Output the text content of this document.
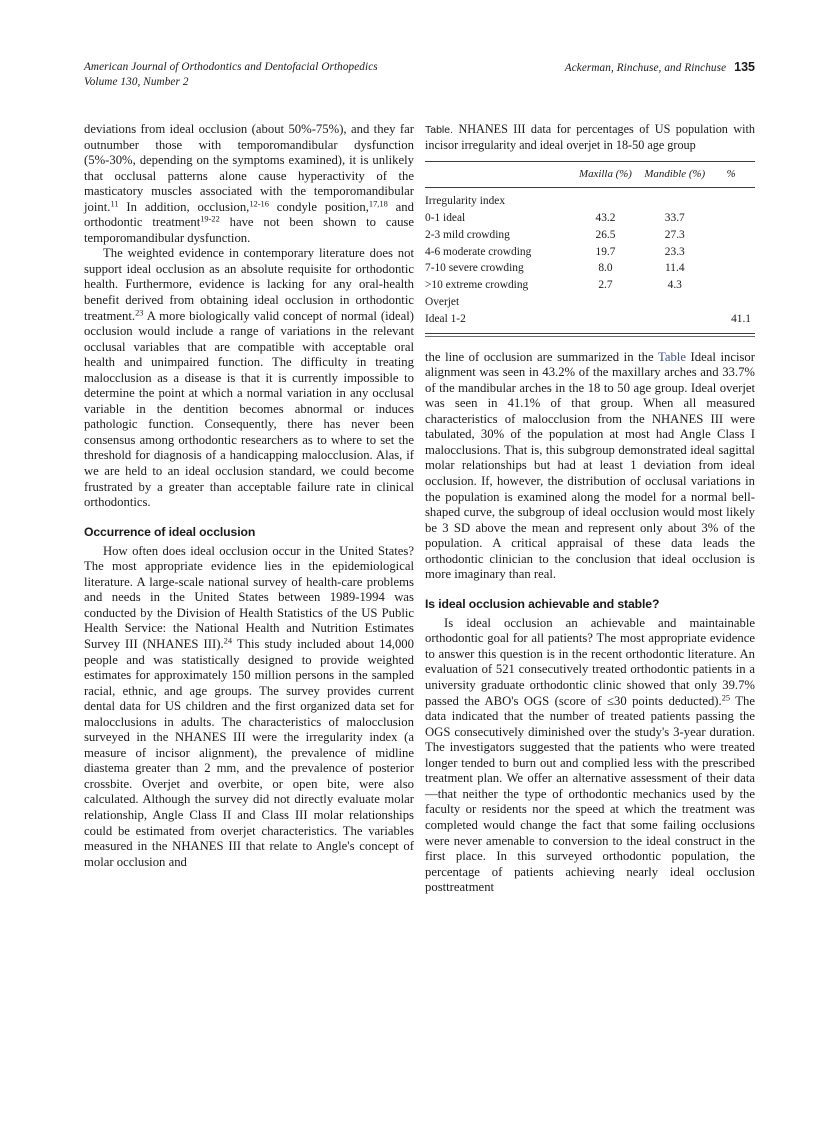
American Journal of Orthodontics and Dentofacial Orthopedics
Volume 130, Number 2
Ackerman, Rinchuse, and Rinchuse 135

deviations from ideal occlusion (about 50%-75%), and they far outnumber those with temporomandibular dysfunction (5%-30%, depending on the symptoms examined), it is unlikely that occlusal patterns alone cause hyperactivity of the masticatory muscles associated with the temporomandibular joint.$^{11}$ In addition, occlusion,$^{12-16}$ condyle position,$^{17,18}$ and orthodontic treatment$^{19-22}$ have not been shown to cause temporomandibular dysfunction.

The weighted evidence in contemporary literature does not support ideal occlusion as an absolute requisite for orthodontic health. Furthermore, evidence is lacking for any oral-health benefit derived from obtaining ideal occlusion in orthodontic treatment.$^{23}$ A more biologically valid concept of normal (ideal) occlusion would include a range of variations in the relevant occlusal variables that are compatible with acceptable oral health and unimpaired function. The difficulty in treating malocclusion as a disease is that it is currently impossible to determine the point at which a normal variation in any occlusal variable in the dentition becomes abnormal or induces pathologic function. Consequently, there has never been consensus among orthodontic researchers as to where to set the threshold for diagnosis of a handicapping malocclusion. Alas, if we are held to an ideal occlusion standard, we could become frustrated by a greater than acceptable failure rate in clinical orthodontics.

Occurrence of ideal occlusion

How often does ideal occlusion occur in the United States? The most appropriate evidence lies in the epidemiological literature. A large-scale national survey of health-care problems and needs in the United States between 1989-1994 was conducted by the Division of Health Statistics of the US Public Health Service: the National Health and Nutrition Estimates Survey III (NHANES III).$^{24}$ This study included about 14,000 people and was statistically designed to provide weighted estimates for approximately 150 million persons in the sampled racial, ethnic, and age groups. The survey provides current dental data for US children and the first organized data set for malocclusions in adults. The characteristics of malocclusion surveyed in the NHANES III were the irregularity index (a measure of incisor alignment), the prevalence of midline diastema greater than 2 mm, and the prevalence of posterior crossbite. Overjet and overbite, or open bite, were also calculated. Although the survey did not directly evaluate molar relationship, Angle Class II and Class III molar relationships could be estimated from overjet characteristics. The variables measured in the NHANES III that relate to Angle's concept of molar occlusion and

Table. NHANES III data for percentages of US population with incisor irregularity and ideal overjet in 18-50 age group
	Maxilla (%)	Mandible (%)	%
Irregularity index			
0-1 ideal	43.2	33.7	
2-3 mild crowding	26.5	27.3	
4-6 moderate crowding	19.7	23.3	
7-10 severe crowding	8.0	11.4	
>10 extreme crowding	2.7	4.3	
Overjet			
Ideal 1-2			41.1

the line of occlusion are summarized in the Table Ideal incisor alignment was seen in 43.2% of the maxillary arches and 33.7% of the mandibular arches in the 18 to 50 age group. Ideal overjet was seen in 41.1% of that group. When all measured characteristics of malocclusion from the NHANES III were tabulated, 30% of the population at most had Angle Class I malocclusions. That is, this subgroup demonstrated ideal sagittal molar relationships but had at least 1 deviation from ideal occlusion. If, however, the distribution of occlusal variations in the population is examined along the model for a normal bell-shaped curve, the subgroup of ideal occlusion would most likely be 3 SD above the mean and represent only about 3% of the population. A critical appraisal of these data leads the orthodontic clinician to the conclusion that ideal occlusion is more imaginary than real.

Is ideal occlusion achievable and stable?

Is ideal occlusion an achievable and maintainable orthodontic goal for all patients? The most appropriate evidence to answer this question is in the recent orthodontic literature. An evaluation of 521 consecutively treated orthodontic patients in a university graduate orthodontic clinic showed that only 39.7% passed the ABO's OGS (score of ≤30 points deducted).$^{25}$ The data indicated that the number of treated patients passing the OGS consecutively diminished over the study's 3-year duration. The investigators suggested that the patients who were treated longer tended to burn out and complied less with the prescribed treatment plan. We offer an alternative assessment of their data—that neither the type of orthodontic mechanics used by the faculty or residents nor the speed at which the treatment was completed would change the fact that some failing occlusions were never amenable to conversion to the ideal construct in the first place. In this surveyed orthodontic population, the percentage of patients achieving nearly ideal occlusion posttreatment
